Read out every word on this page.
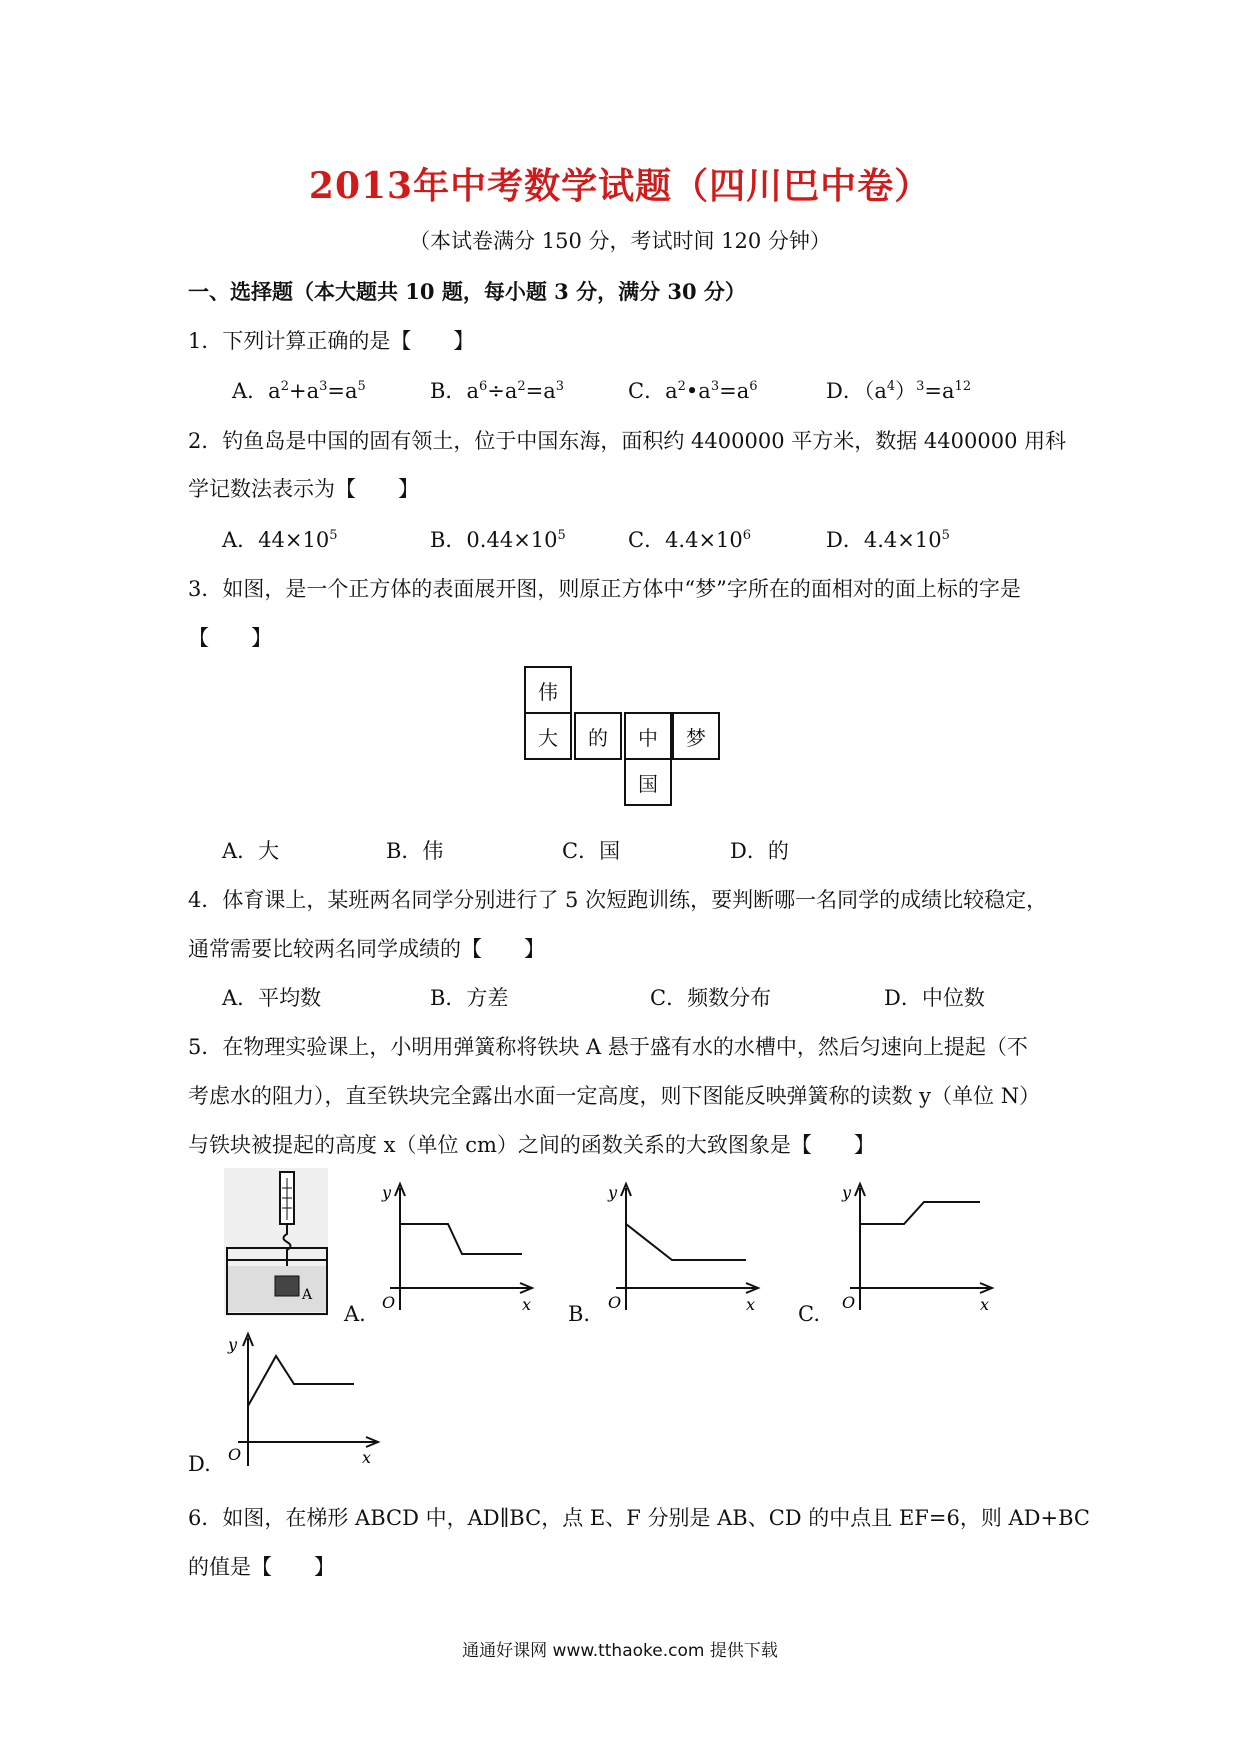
2013年中考数学试题（四川巴中卷）
（本试卷满分 150 分，考试时间 120 分钟）
一、选择题（本大题共 10 题，每小题 3 分，满分 30 分）
1．下列计算正确的是【　　】
A．$a^2+a^3=a^5$	B．$a^6\div a^2=a^3$	C．$a^2•a^3=a^6$	D．$(a^4)^3=a^{12}$
2．钓鱼岛是中国的固有领土，位于中国东海，面积约 4400000 平方米，数据 4400000 用科
学记数法表示为【　　】
A．$44\times 10^5$	B．$0.44\times 10^5$	C．$4.4\times 10^6$	D．$4.4\times 10^5$
3．如图，是一个正方体的表面展开图，则原正方体中“梦”字所在的面相对的面上标的字是
【　　】
伟
大	的	中	梦
国
A．大	B．伟	C．国	D．的
4．体育课上，某班两名同学分别进行了 5 次短跑训练，要判断哪一名同学的成绩比较稳定，
通常需要比较两名同学成绩的【　　】
A．平均数	B．方差	C．频数分布	D．中位数
5．在物理实验课上，小明用弹簧称将铁块 A 悬于盛有水的水槽中，然后匀速向上提起（不
考虑水的阻力），直至铁块完全露出水面一定高度，则下图能反映弹簧称的读数 y（单位 N）
与铁块被提起的高度 x（单位 cm）之间的函数关系的大致图象是【　　】
A
y
x
O
A.
y
x
O
B.
y
x
O
C.
y
x
O
D.
6．如图，在梯形 ABCD 中，AD∥BC，点 E、F 分别是 AB、CD 的中点且 EF=6，则 AD+BC
的值是【　　】
通通好课网 www.tthaoke.com 提供下载
